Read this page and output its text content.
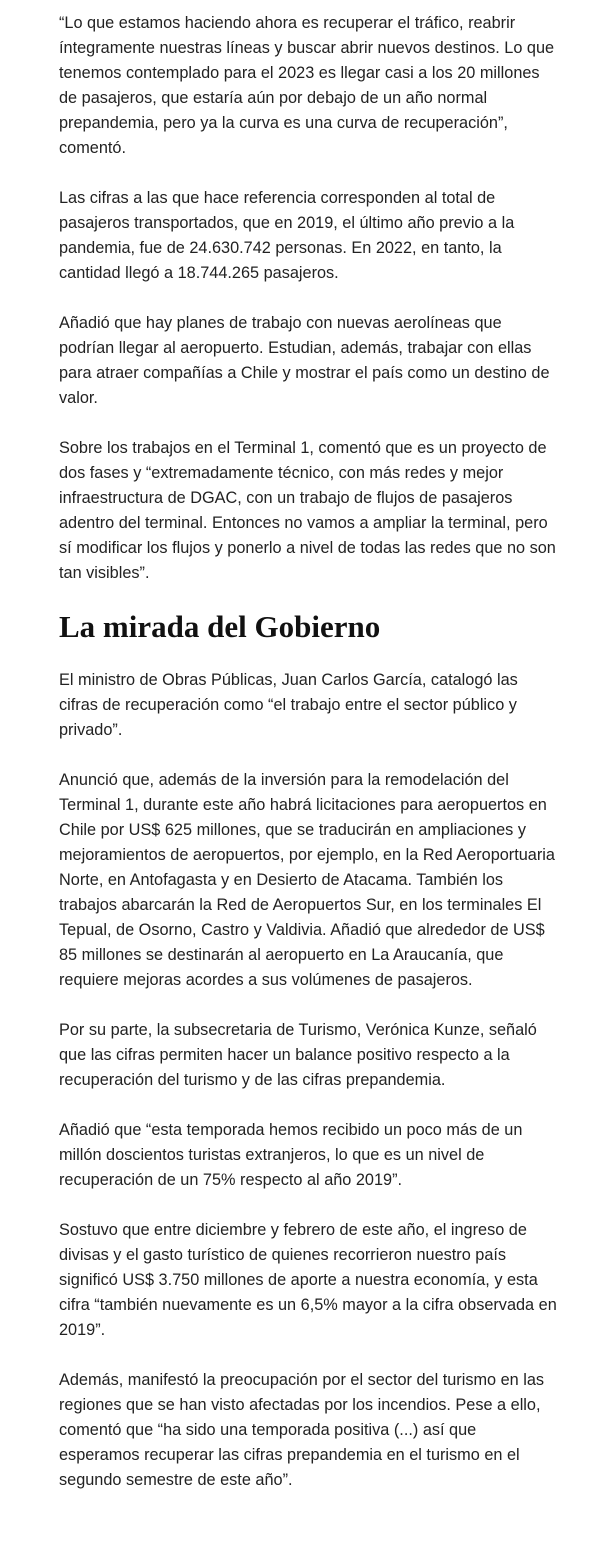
“Lo que estamos haciendo ahora es recuperar el tráfico, reabrir íntegramente nuestras líneas y buscar abrir nuevos destinos. Lo que tenemos contemplado para el 2023 es llegar casi a los 20 millones de pasajeros, que estaría aún por debajo de un año normal prepandemia, pero ya la curva es una curva de recuperación”, comentó.

Las cifras a las que hace referencia corresponden al total de pasajeros transportados, que en 2019, el último año previo a la pandemia, fue de 24.630.742 personas. En 2022, en tanto, la cantidad llegó a 18.744.265 pasajeros.

Añadió que hay planes de trabajo con nuevas aerolíneas que podrían llegar al aeropuerto. Estudian, además, trabajar con ellas para atraer compañías a Chile y mostrar el país como un destino de valor.

Sobre los trabajos en el Terminal 1, comentó que es un proyecto de dos fases y “extremadamente técnico, con más redes y mejor infraestructura de DGAC, con un trabajo de flujos de pasajeros adentro del terminal. Entonces no vamos a ampliar la terminal, pero sí modificar los flujos y ponerlo a nivel de todas las redes que no son tan visibles”.

La mirada del Gobierno

El ministro de Obras Públicas, Juan Carlos García, catalogó las cifras de recuperación como “el trabajo entre el sector público y privado”.

Anunció que, además de la inversión para la remodelación del Terminal 1, durante este año habrá licitaciones para aeropuertos en Chile por US$ 625 millones, que se traducirán en ampliaciones y mejoramientos de aeropuertos, por ejemplo, en la Red Aeroportuaria Norte, en Antofagasta y en Desierto de Atacama. También los trabajos abarcarán la Red de Aeropuertos Sur, en los terminales El Tepual, de Osorno, Castro y Valdivia. Añadió que alrededor de US$ 85 millones se destinarán al aeropuerto en La Araucanía, que requiere mejoras acordes a sus volúmenes de pasajeros.

Por su parte, la subsecretaria de Turismo, Verónica Kunze, señaló que las cifras permiten hacer un balance positivo respecto a la recuperación del turismo y de las cifras prepandemia.

Añadió que “esta temporada hemos recibido un poco más de un millón doscientos turistas extranjeros, lo que es un nivel de recuperación de un 75% respecto al año 2019”.

Sostuvo que entre diciembre y febrero de este año, el ingreso de divisas y el gasto turístico de quienes recorrieron nuestro país significó US$ 3.750 millones de aporte a nuestra economía, y esta cifra “también nuevamente es un 6,5% mayor a la cifra observada en 2019”.

Además, manifestó la preocupación por el sector del turismo en las regiones que se han visto afectadas por los incendios. Pese a ello, comentó que “ha sido una temporada positiva (...) así que esperamos recuperar las cifras prepandemia en el turismo en el segundo semestre de este año”.
